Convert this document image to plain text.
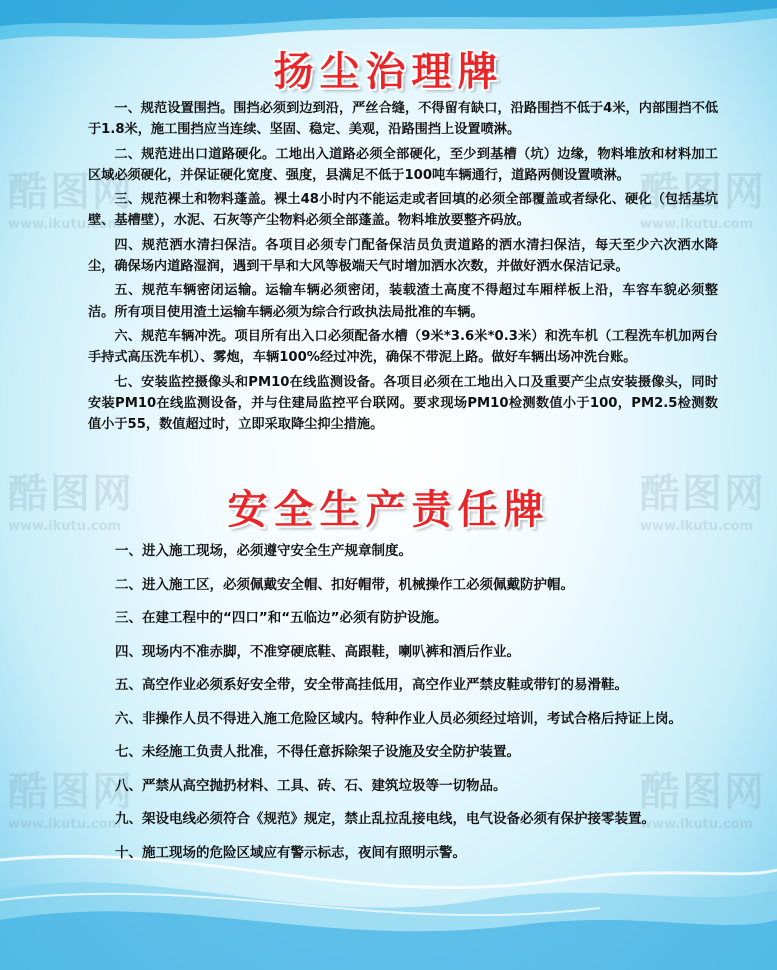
酷图网
www.ikutu.com
酷图网
www.ikutu.com
酷图网
www.ikutu.com
酷图网
www.ikutu.com
酷图网
www.ikutu.com
酷图网
www.ikutu.com
扬尘治理牌

一、规范设置围挡。围挡必须到边到沿，严丝合缝，不得留有缺口，沿路围挡不低于4米，内部围挡不低于1.8米，施工围挡应当连续、坚固、稳定、美观，沿路围挡上设置喷淋。

二、规范进出口道路硬化。工地出入道路必须全部硬化，至少到基槽（坑）边缘，物料堆放和材料加工区域必须硬化，并保证硬化宽度、强度，县满足不低于100吨车辆通行，道路两侧设置喷淋。

三、规范裸土和物料蓬盖。裸土48小时内不能运走或者回填的必须全部覆盖或者绿化、硬化（包括基坑壁、基槽壁），水泥、石灰等产尘物料必须全部蓬盖。物料堆放要整齐码放。

四、规范洒水清扫保洁。各项目必须专门配备保洁员负责道路的洒水清扫保洁，每天至少六次洒水降尘，确保场内道路湿润，遇到干旱和大风等极端天气时增加洒水次数，并做好洒水保洁记录。

五、规范车辆密闭运输。运输车辆必须密闭，装载渣土高度不得超过车厢样板上沿，车容车貌必须整洁。所有项目使用渣土运输车辆必须为综合行政执法局批准的车辆。

六、规范车辆冲洗。项目所有出入口必须配备水槽（9米*3.6米*0.3米）和洗车机（工程洗车机加两台手持式高压洗车机）、雾炮，车辆100%经过冲洗，确保不带泥上路。做好车辆出场冲洗台账。

七、安装监控摄像头和PM10在线监测设备。各项目必须在工地出入口及重要产尘点安装摄像头，同时安装PM10在线监测设备，并与住建局监控平台联网。要求现场PM10检测数值小于100，PM2.5检测数值小于55，数值超过时，立即采取降尘抑尘措施。

安全生产责任牌

一、进入施工现场，必须遵守安全生产规章制度。

二、进入施工区，必须佩戴安全帽、扣好帽带，机械操作工必须佩戴防护帽。

三、在建工程中的“四口”和“五临边”必须有防护设施。

四、现场内不准赤脚，不准穿硬底鞋、高跟鞋，喇叭裤和酒后作业。

五、高空作业必须系好安全带，安全带高挂低用，高空作业严禁皮鞋或带钉的易滑鞋。

六、非操作人员不得进入施工危险区域内。特种作业人员必须经过培训，考试合格后持证上岗。

七、未经施工负责人批准，不得任意拆除架子设施及安全防护装置。

八、严禁从高空抛扔材料、工具、砖、石、建筑垃圾等一切物品。

九、架设电线必须符合《规范》规定，禁止乱拉乱接电线，电气设备必须有保护接零装置。

十、施工现场的危险区域应有警示标志，夜间有照明示警。
